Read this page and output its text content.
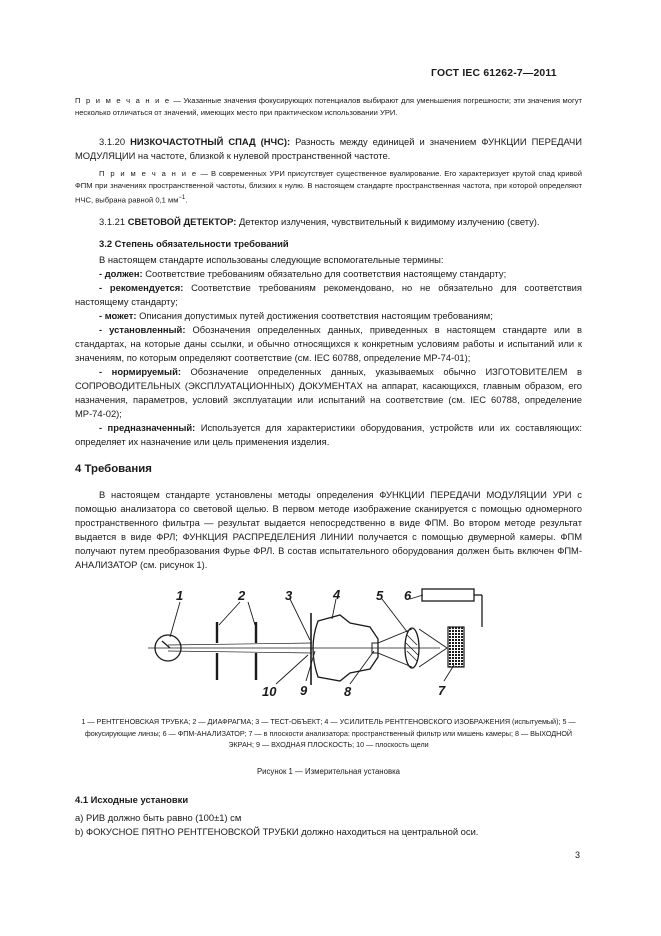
ГОСТ IEC 61262-7—2011
П р и м е ч а н и е — Указанные значения фокусирующих потенциалов выбирают для уменьшения погрешности; эти значения могут несколько отличаться от значений, имеющих место при практическом использовании УРИ.
3.1.20 НИЗКОЧАСТОТНЫЙ СПАД (НЧС): Разность между единицей и значением ФУНКЦИИ ПЕРЕДАЧИ МОДУЛЯЦИИ на частоте, близкой к нулевой пространственной частоте.
П р и м е ч а н и е — В современных УРИ присутствует существенное вуалирование. Его характеризует крутой спад кривой ФПМ при значениях пространственной частоты, близких к нулю. В настоящем стандарте пространственная частота, при которой определяют НЧС, выбрана равной 0,1 $мм^{-1}$.
3.1.21 СВЕТОВОЙ ДЕТЕКТОР: Детектор излучения, чувствительный к видимому излучению (свету).
3.2 Степень обязательности требований
В настоящем стандарте использованы следующие вспомогательные термины:
- должен: Соответствие требованиям обязательно для соответствия настоящему стандарту;
- рекомендуется: Соответствие требованиям рекомендовано, но не обязательно для соответствия настоящему стандарту;
- может: Описания допустимых путей достижения соответствия настоящим требованиям;
- установленный: Обозначения определенных данных, приведенных в настоящем стандарте или в стандартах, на которые даны ссылки, и обычно относящихся к конкретным условиям работы и испытаний или к значениям, по которым определяют соответствие (см. IEC 60788, определение МР-74-01);
- нормируемый: Обозначение определенных данных, указываемых обычно ИЗГОТОВИТЕЛЕМ в СОПРОВОДИТЕЛЬНЫХ (ЭКСПЛУАТАЦИОННЫХ) ДОКУМЕНТАХ на аппарат, касающихся, главным образом, его назначения, параметров, условий эксплуатации или испытаний на соответствие (см. IEC 60788, определение МР-74-02);
- предназначенный: Используется для характеристики оборудования, устройств или их составляющих: определяет их назначение или цель применения изделия.
4 Требования
В настоящем стандарте установлены методы определения ФУНКЦИИ ПЕРЕДАЧИ МОДУЛЯЦИИ УРИ с помощью анализатора со световой щелью. В первом методе изображение сканируется с помощью одномерного пространственного фильтра — результат выдается непосредственно в виде ФПМ. Во втором методе результат выдается в виде ФРЛ; ФУНКЦИЯ РАСПРЕДЕЛЕНИЯ ЛИНИИ получается с помощью двумерной камеры. ФПМ получают путем преобразования Фурье ФРЛ. В состав испытательного оборудования должен быть включен ФПМ-АНАЛИЗАТОР (см. рисунок 1).
1	2	3	4	5 6
7
8
9
10
1 — РЕНТГЕНОВСКАЯ ТРУБКА; 2 — ДИАФРАГМА; 3 — ТЕСТ-ОБЪЕКТ; 4 — УСИЛИТЕЛЬ РЕНТГЕНОВСКОГО ИЗОБРАЖЕНИЯ (испытуемый); 5 — фокусирующие линзы; 6 — ФПМ-АНАЛИЗАТОР; 7 — в плоскости анализатора: пространственный фильтр или мишень камеры; 8 — ВЫХОДНОЙ ЭКРАН; 9 — ВХОДНАЯ ПЛОСКОСТЬ; 10 — плоскость щели
Рисунок 1 — Измерительная установка
4.1 Исходные установки
a) РИВ должно быть равно (100±1) см
b) ФОКУСНОЕ ПЯТНО РЕНТГЕНОВСКОЙ ТРУБКИ должно находиться на центральной оси.
3
